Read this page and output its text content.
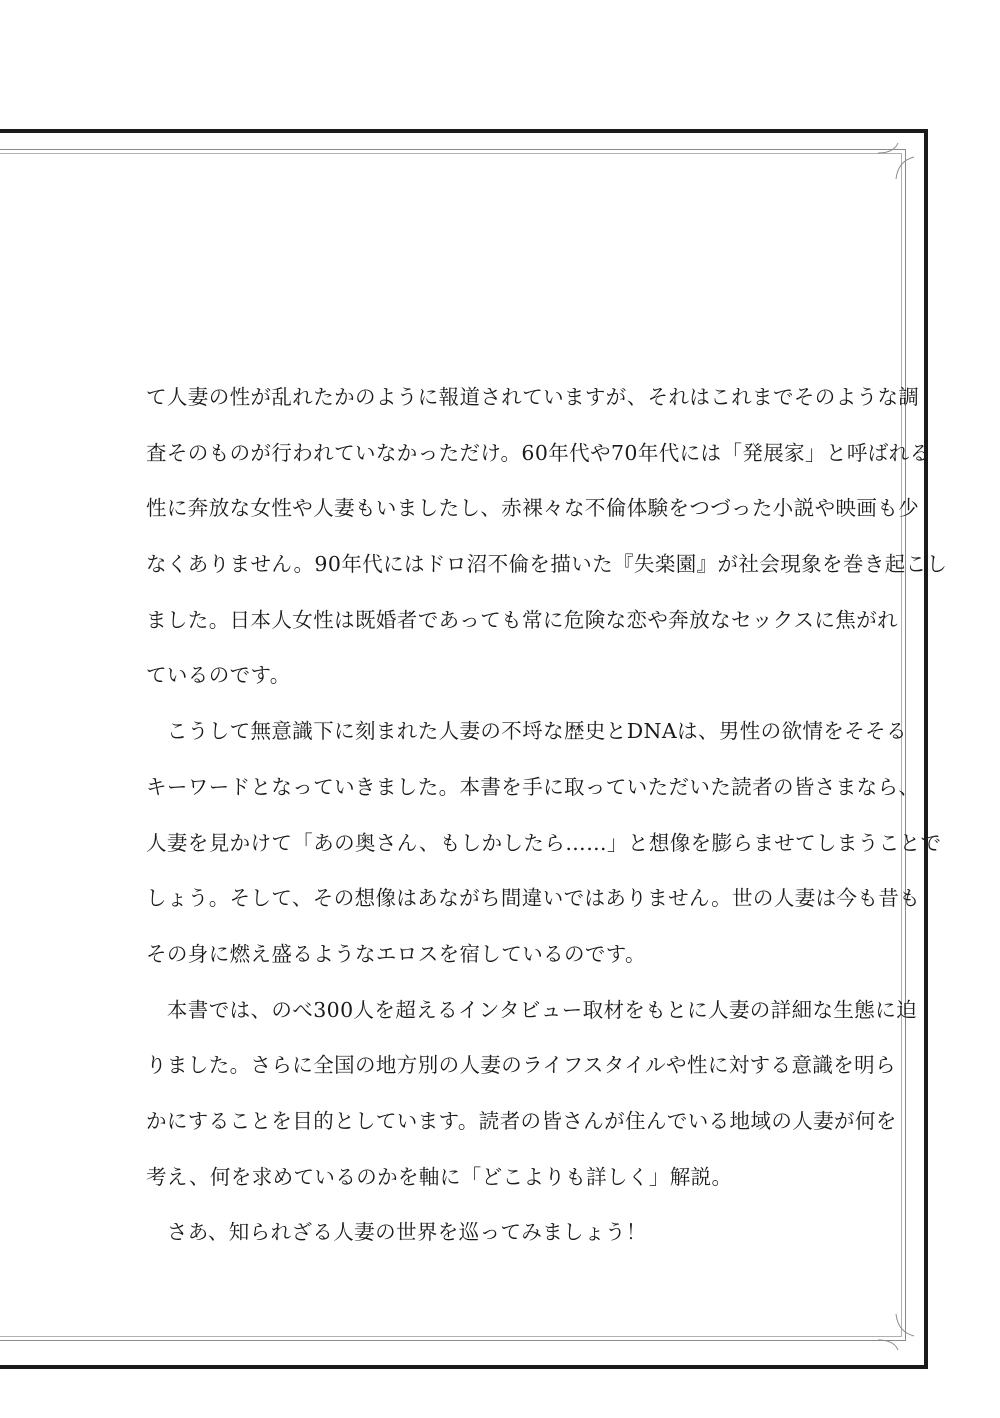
て人妻の性が乱れたかのように報道されていますが、それはこれまでそのような調
査そのものが行われていなかっただけ。60年代や70年代には「発展家」と呼ばれる
性に奔放な女性や人妻もいましたし、赤裸々な不倫体験をつづった小説や映画も少
なくありません。90年代にはドロ沼不倫を描いた『失楽園』が社会現象を巻き起こし
ました。日本人女性は既婚者であっても常に危険な恋や奔放なセックスに焦がれ
ているのです。
　こうして無意識下に刻まれた人妻の不埒な歴史とDNAは、男性の欲情をそそる
キーワードとなっていきました。本書を手に取っていただいた読者の皆さまなら、
人妻を見かけて「あの奥さん、もしかしたら……」と想像を膨らませてしまうことで
しょう。そして、その想像はあながち間違いではありません。世の人妻は今も昔も
その身に燃え盛るようなエロスを宿しているのです。
　本書では、のべ300人を超えるインタビュー取材をもとに人妻の詳細な生態に迫
りました。さらに全国の地方別の人妻のライフスタイルや性に対する意識を明ら
かにすることを目的としています。読者の皆さんが住んでいる地域の人妻が何を
考え、何を求めているのかを軸に「どこよりも詳しく」解説。
　さあ、知られざる人妻の世界を巡ってみましょう！
